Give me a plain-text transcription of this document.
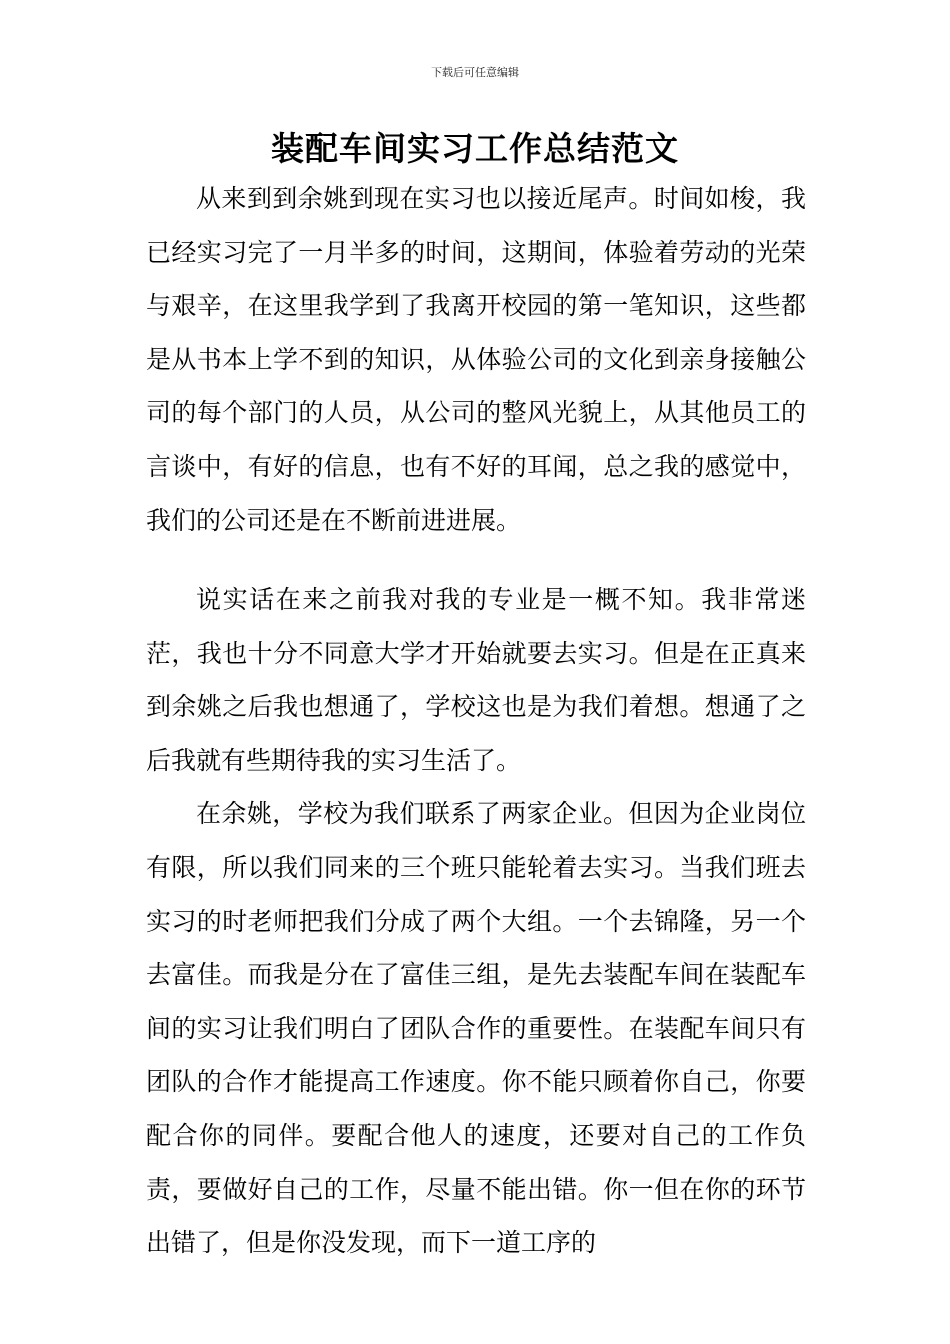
下载后可任意编辑
装配车间实习工作总结范文

从来到到余姚到现在实习也以接近尾声。时间如梭，我已经实习完了一月半多的时间，这期间，体验着劳动的光荣与艰辛，在这里我学到了我离开校园的第一笔知识，这些都是从书本上学不到的知识，从体验公司的文化到亲身接触公司的每个部门的人员，从公司的整风光貌上，从其他员工的言谈中，有好的信息，也有不好的耳闻，总之我的感觉中，我们的公司还是在不断前进进展。

说实话在来之前我对我的专业是一概不知。我非常迷茫，我也十分不同意大学才开始就要去实习。但是在正真来到余姚之后我也想通了，学校这也是为我们着想。想通了之后我就有些期待我的实习生活了。

在余姚，学校为我们联系了两家企业。但因为企业岗位有限，所以我们同来的三个班只能轮着去实习。当我们班去实习的时老师把我们分成了两个大组。一个去锦隆，另一个去富佳。而我是分在了富佳三组，是先去装配车间在装配车间的实习让我们明白了团队合作的重要性。在装配车间只有团队的合作才能提高工作速度。你不能只顾着你自己，你要配合你的同伴。要配合他人的速度，还要对自己的工作负责，要做好自己的工作，尽量不能出错。你一但在你的环节出错了，但是你没发现，而下一道工序的
